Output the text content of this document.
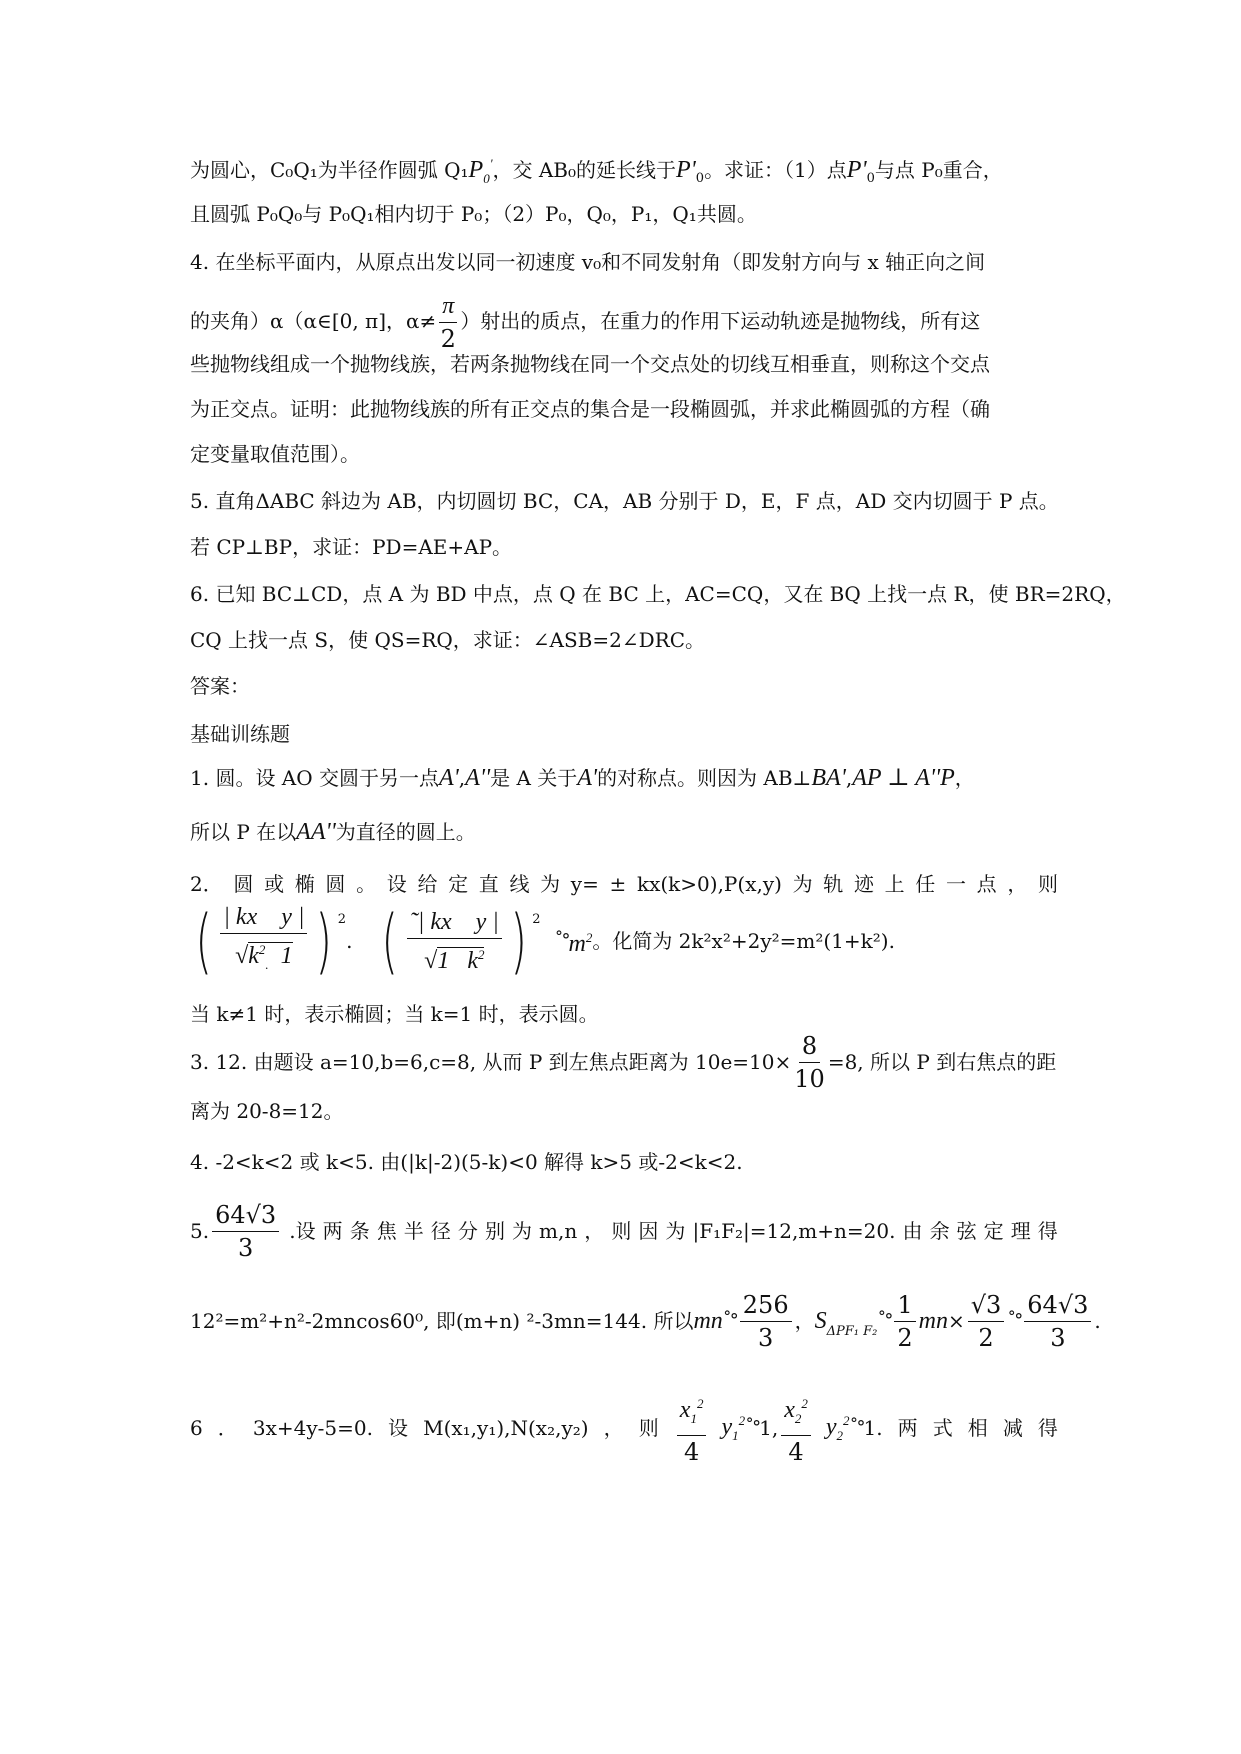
为圆心，C₀Q₁为半径作圆弧 $Q_1P_0'$，交 AB₀的延长线于$P'_0$。求证：（1）点$P'_0$与点 P₀重合，
且圆弧 P₀Q₀与 P₀Q₁相内切于 P₀；（2）P₀，Q₀，P₁，Q₁共圆。
4. 在坐标平面内，从原点出发以同一初速度 v₀和不同发射角（即发射方向与 x 轴正向之间
的夹角）α（α∈[0, π]，$\alpha\ne \frac{\pi}{2}$ ）射出的质点，在重力的作用下运动轨迹是抛物线，所有这
些抛物线组成一个抛物线族，若两条抛物线在同一个交点处的切线互相垂直，则称这个交点
为正交点。证明：此抛物线族的所有正交点的集合是一段椭圆弧，并求此椭圆弧的方程（确
定变量取值范围）。
5. 直角ΔABC 斜边为 AB，内切圆切 BC，CA，AB 分别于 D，E，F 点，AD 交内切圆于 P 点。
若 CP⊥BP，求证：PD=AE+AP。
6. 已知 BC⊥CD，点 A 为 BD 中点，点 Q 在 BC 上，AC=CQ，又在 BQ 上找一点 R，使 BR=2RQ，
CQ 上找一点 S，使 QS=RQ，求证：∠ASB=2∠DRC。
答案：
基础训练题
1. 圆。设 AO 交圆于另一点A',A''是 A 关于A'的对称点。则因为 AB⊥BA',AP ⊥ A''P，
所以 P 在以AA''为直径的圆上。
2． 圆 或 椭 圆 。 设 给 定 直 线 为 y= ± kx(k>0),P(x,y) 为 轨 迹 上 任 一 点 ， 则
( $\frac{\text{| kx    y |}}{√k^2_. 1}$ ) $^2$
. ( $\frac{\text{˜| kx    y |}}{√1 k^2}$ ) $^2$
˚° $m^2$ 。化简为 2k²x²+2y²=m²(1+k²).
当 k≠1 时，表示椭圆；当 k=1 时，表示圆。
3. 12. 由题设 a=10,b=6,c=8, 从而 P 到左焦点距离为 $10e=10\times \frac{8}{10} =8$, 所以 P 到右焦点的距
离为 20-8=12。
4. -2<k<2 或 k<5. 由(|k|-2)(5-k)<0 解得 k>5 或-2<k<2.
5. $\frac{64√3}{3}$ .设 两 条 焦 半 径 分 别 为 m,n ， 则 因 为 |F₁F₂|=12,m+n=20. 由 余 弦 定 理 得
12²=m²+n²-2mncos60⁰, 即(m+n) ²-3mn=144. 所以 mn ˚° $\frac{256}{3}$ ， $S_{\Delta PF_1 F_2}$
˚° $\frac{1}{2}$ mn × $\frac{√3}{2}$ ˚° $\frac{64√3}{3}$ .
6 ． 3x+4y-5=0. 设 M(x₁,y₁),N(x₂,y₂) ， 则 $\frac{x_1^2}{4} y_1^2$ ˚° 1, $\frac{x_2^2}{4} y_2^2$ ˚° 1. 两 式 相 减 得
